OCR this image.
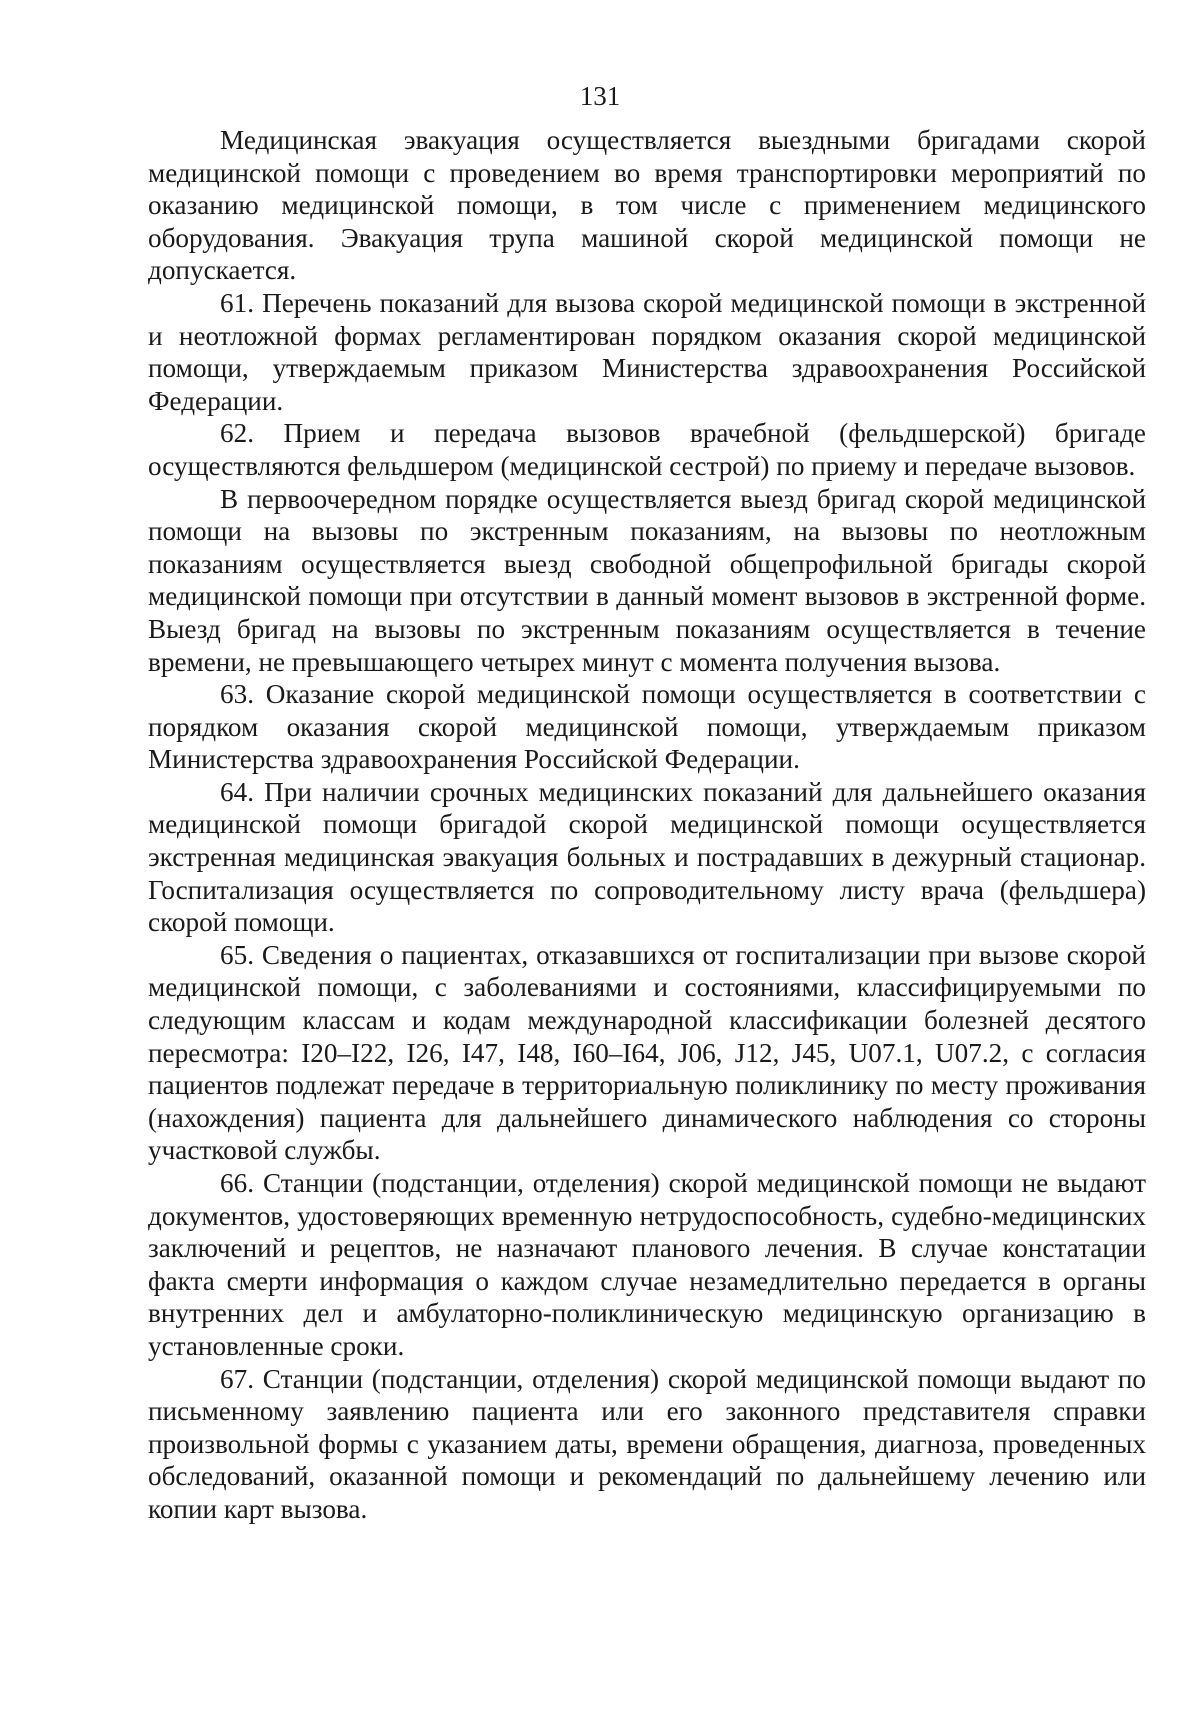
131

Медицинская эвакуация осуществляется выездными бригадами скорой медицинской помощи с проведением во время транспортировки мероприятий по оказанию медицинской помощи, в том числе с применением медицинского оборудования. Эвакуация трупа машиной скорой медицинской помощи не допускается.

61. Перечень показаний для вызова скорой медицинской помощи в экстренной и неотложной формах регламентирован порядком оказания скорой медицинской помощи, утверждаемым приказом Министерства здравоохранения Российской Федерации.

62. Прием и передача вызовов врачебной (фельдшерской) бригаде осуществляются фельдшером (медицинской сестрой) по приему и передаче вызовов.

В первоочередном порядке осуществляется выезд бригад скорой медицинской помощи на вызовы по экстренным показаниям, на вызовы по неотложным показаниям осуществляется выезд свободной общепрофильной бригады скорой медицинской помощи при отсутствии в данный момент вызовов в экстренной форме. Выезд бригад на вызовы по экстренным показаниям осуществляется в течение времени, не превышающего четырех минут с момента получения вызова.

63. Оказание скорой медицинской помощи осуществляется в соответствии с порядком оказания скорой медицинской помощи, утверждаемым приказом Министерства здравоохранения Российской Федерации.

64. При наличии срочных медицинских показаний для дальнейшего оказания медицинской помощи бригадой скорой медицинской помощи осуществляется экстренная медицинская эвакуация больных и пострадавших в дежурный стационар. Госпитализация осуществляется по сопроводительному листу врача (фельдшера) скорой помощи.

65. Сведения о пациентах, отказавшихся от госпитализации при вызове скорой медицинской помощи, с заболеваниями и состояниями, классифицируемыми по следующим классам и кодам международной классификации болезней десятого пересмотра: I20–I22, I26, I47, I48, I60–I64, J06, J12, J45, U07.1, U07.2, с согласия пациентов подлежат передаче в территориальную поликлинику по месту проживания (нахождения) пациента для дальнейшего динамического наблюдения со стороны участковой службы.

66. Станции (подстанции, отделения) скорой медицинской помощи не выдают документов, удостоверяющих временную нетрудоспособность, судебно-медицинских заключений и рецептов, не назначают планового лечения. В случае констатации факта смерти информация о каждом случае незамедлительно передается в органы внутренних дел и амбулаторно-поликлиническую медицинскую организацию в установленные сроки.

67. Станции (подстанции, отделения) скорой медицинской помощи выдают по письменному заявлению пациента или его законного представителя справки произвольной формы с указанием даты, времени обращения, диагноза, проведенных обследований, оказанной помощи и рекомендаций по дальнейшему лечению или копии карт вызова.
